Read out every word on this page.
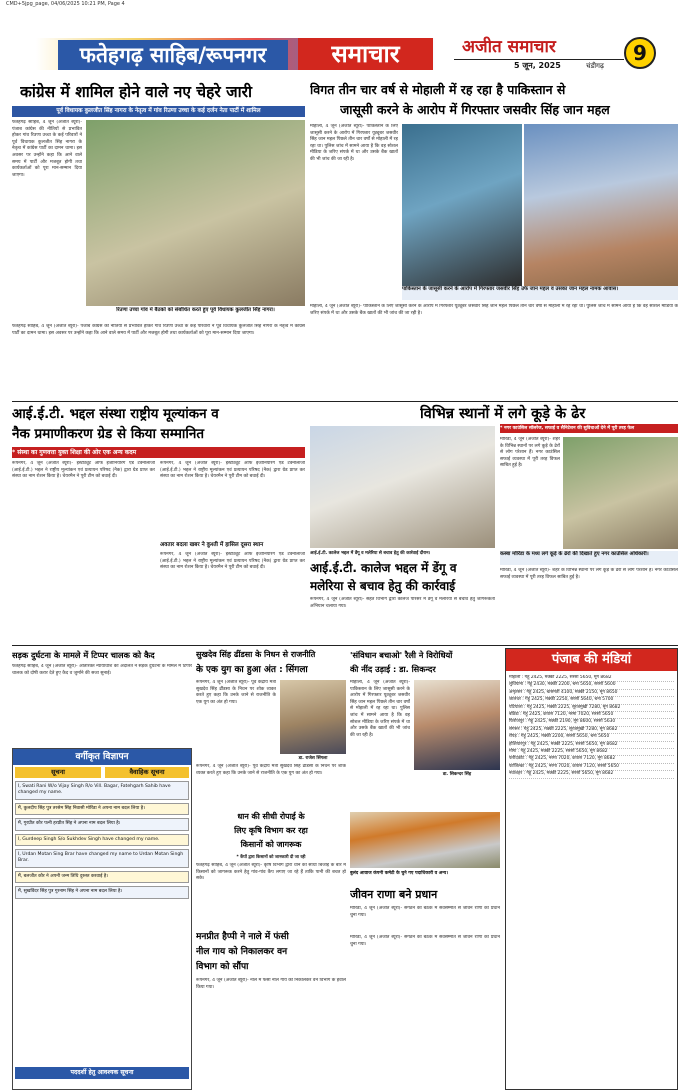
CMD+5jpg_page, 04/06/2025 10:21 PM, Page 4
फतेहगढ़ साहिब/रूपनगर	समाचार	अजीत समाचार
5 जून, 2025	चंडीगढ़
9
कांग्रेस में शामिल होने वाले नए चेहरे जारी
पूर्व विधायक कुलजीत सिंह नागरा के नेतृत्व में गांव रिउणा उच्चा के कई दर्जन नेता पार्टी में शामिल
फतेहगढ़ साहिब, 4 जून (अजीत ब्यूरो)- पंजाब कांग्रेस की नीतियों से प्रभावित होकर गांव रिउणा उच्चा के कई परिवारों ने पूर्व विधायक कुलजीत सिंह नागरा के नेतृत्व में कांग्रेस पार्टी का दामन थामा। इस अवसर पर उन्होंने कहा कि आने वाले समय में पार्टी और मजबूत होगी तथा कार्यकर्ताओं को पूरा मान-सम्मान दिया जाएगा।
रिउणा उच्चा गांव में बैठकों को संबोधित करते हुए पूर्व विधायक कुलजीत सिंह नागरा।
फतेहगढ़ साहिब, 4 जून (अजीत ब्यूरो)- पंजाब कांग्रेस की नीतियों से प्रभावित होकर गांव रिउणा उच्चा के कई परिवारों ने पूर्व विधायक कुलजीत सिंह नागरा के नेतृत्व में कांग्रेस पार्टी का दामन थामा। इस अवसर पर उन्होंने कहा कि आने वाले समय में पार्टी और मजबूत होगी तथा कार्यकर्ताओं को पूरा मान-सम्मान दिया जाएगा।
विगत तीन चार वर्ष से मोहाली में रह रहा है पाकिस्तान से
जासूसी करने के आरोप में गिरफ्तार जसवीर सिंह जान महल
मोहाली, 4 जून (अजीत ब्यूरो)- पाकिस्तान के लिए जासूसी करने के आरोप में गिरफ्तार यूट्यूबर जसवीर सिंह जान महल पिछले तीन चार वर्षों से मोहाली में रह रहा था। पुलिस जांच में सामने आया है कि वह सोशल मीडिया के जरिए संपर्क में था और उसके बैंक खातों की भी जांच की जा रही है।
पाकिस्तान के जासूसी करने के आरोप में गिरफ्तार जसवीर सिंह उर्फ जान महल व उसका जान महल नामक आवास।
मोहाली, 4 जून (अजीत ब्यूरो)- पाकिस्तान के लिए जासूसी करने के आरोप में गिरफ्तार यूट्यूबर जसवीर सिंह जान महल पिछले तीन चार वर्षों से मोहाली में रह रहा था। पुलिस जांच में सामने आया है कि वह सोशल मीडिया के जरिए संपर्क में था और उसके बैंक खातों की भी जांच की जा रही है।
आई.ई.टी. भद्दल संस्था राष्ट्रीय मूल्यांकन व
नैक प्रमाणीकरण ग्रेड से किया सम्मानित
* संस्था का गुणवत्ता युक्त शिक्षा की ओर एक अन्य कदम
रूपनगर, 4 जून (अजीत ब्यूरो)- इंस्टीट्यूट ऑफ इंजीनियरिंग एंड टेक्नोलॉजी (आई.ई.टी.) भद्दल ने राष्ट्रीय मूल्यांकन एवं प्रत्यायन परिषद (नैक) द्वारा ग्रेड प्राप्त कर संस्था का नाम रोशन किया है। चेयरमैन ने पूरी टीम को बधाई दी।
रूपनगर, 4 जून (अजीत ब्यूरो)- इंस्टीट्यूट ऑफ इंजीनियरिंग एंड टेक्नोलॉजी (आई.ई.टी.) भद्दल ने राष्ट्रीय मूल्यांकन एवं प्रत्यायन परिषद (नैक) द्वारा ग्रेड प्राप्त कर संस्था का नाम रोशन किया है। चेयरमैन ने पूरी टीम को बधाई दी।
अवतार बदला खबर ने कुश्ती में हासिल दूसरा स्थान
रूपनगर, 4 जून (अजीत ब्यूरो)- इंस्टीट्यूट ऑफ इंजीनियरिंग एंड टेक्नोलॉजी (आई.ई.टी.) भद्दल ने राष्ट्रीय मूल्यांकन एवं प्रत्यायन परिषद (नैक) द्वारा ग्रेड प्राप्त कर संस्था का नाम रोशन किया है। चेयरमैन ने पूरी टीम को बधाई दी।
आई.ई.टी. कालेज भद्दल में डेंगू व मलेरिया से बचाव हेतु की कार्रवाई दौरान।
आई.ई.टी. कालेज भद्दल में डेंगू व
मलेरिया से बचाव हेतु की कार्रवाई
रूपनगर, 4 जून (अजीत ब्यूरो)- सेहत विभाग द्वारा कालेज परिसर में डेंगू व मलेरिया से बचाव हेतु जागरूकता अभियान चलाया गया।
विभिन्न स्थानों में लगे कूड़े के ढेर
* नगर काउंसिल सॉलरेज, सफाई व सैनिटेशन की सुविधाओं देने में पूरी तरह फेल
मोरिंडा, 4 जून (अजीत ब्यूरो)- शहर के विभिन्न स्थानों पर लगे कूड़े के ढेरों से लोग परेशान हैं। नगर काउंसिल सफाई व्यवस्था में पूरी तरह विफल साबित हुई है।
कस्बा मोरिंडा के मध्य लगे कूड़े के ढेरों की दिखाते हुए नगर काउंसिल अधिकारी।
मोरिंडा, 4 जून (अजीत ब्यूरो)- शहर के विभिन्न स्थानों पर लगे कूड़े के ढेरों से लोग परेशान हैं। नगर काउंसिल सफाई व्यवस्था में पूरी तरह विफल साबित हुई है।
सड़क दुर्घटना के मामले में टिप्पर चालक को कैद
फतेहगढ़ साहिब, 4 जून (अजीत ब्यूरो)- अतिरिक्त न्यायाधीश की अदालत ने सड़क दुर्घटना के मामले में टिप्पर चालक को दोषी करार देते हुए कैद व जुर्माने की सजा सुनाई।
सुखदेव सिंह ढींडसा के निधन से राजनीति
के एक युग का हुआ अंत : सिंगला
रूपनगर, 4 जून (अजीत ब्यूरो)- पूर्व केंद्रीय मंत्री सुखदेव सिंह ढींडसा के निधन पर शोक व्यक्त करते हुए कहा कि उनके जाने से राजनीति के एक युग का अंत हो गया।
डा. राजेश सिंगला
रूपनगर, 4 जून (अजीत ब्यूरो)- पूर्व केंद्रीय मंत्री सुखदेव सिंह ढींडसा के निधन पर शोक व्यक्त करते हुए कहा कि उनके जाने से राजनीति के एक युग का अंत हो गया।
'संविधान बचाओ' रैली ने विरोधियों
की नींद उड़ाई : डा. सिकन्दर
मोहाली, 4 जून (अजीत ब्यूरो)- पाकिस्तान के लिए जासूसी करने के आरोप में गिरफ्तार यूट्यूबर जसवीर सिंह जान महल पिछले तीन चार वर्षों से मोहाली में रह रहा था। पुलिस जांच में सामने आया है कि वह सोशल मीडिया के जरिए संपर्क में था और उसके बैंक खातों की भी जांच की जा रही है।
डा. सिकन्दर सिंह
पंजाब की मंडियां
मोहाली : गेहूं 2425, मक्की 2225, सरसों 5650, मूंग 8682
लुधियाना : गेहूं 2430, मक्की 2200, चना 5650, सरसों 5600
अमृतसर : गेहूं 2425, बासमती 4100, मक्की 2150, मूंग 8650
जालंधर : गेहूं 2425, मक्की 2250, सरसों 5640, चना 5700
पटियाला : गेहूं 2425, मक्की 2225, सूरजमुखी 7280, मूंग 8682
बठिंडा : गेहूं 2425, कपास 7120, नरमा 7020, सरसों 5650
फिरोजपुर : गेहूं 2425, मक्की 2190, मूंग 8600, सरसों 5630
संगरूर : गेहूं 2425, मक्की 2225, सूरजमुखी 7280, मूंग 8682
रोपड़ : गेहूं 2425, मक्की 2200, सरसों 5650, चना 5650
होशियारपुर : गेहूं 2425, मक्की 2225, सरसों 5650, मूंग 8682
मोगा : गेहूं 2425, मक्की 2225, सरसों 5650, मूंग 8682
फरीदकोट : गेहूं 2425, नरमा 7020, कपास 7120, मूंग 8682
फाजिल्का : गेहूं 2425, नरमा 7020, कपास 7120, सरसों 5650
नवांशहर : गेहूं 2425, मक्की 2225, सरसों 5650, मूंग 8682
वर्गीकृत विज्ञापन
सूचना	वैवाहिक सूचना
I, Swati Rani W/o Vijay Singh R/o Vill. Bagar, Fatehgarh Sahib have changed my name.
मैं, कुलदीप सिंह पुत्र तरसेम सिंह निवासी मोरिंडा ने अपना नाम बदल लिया है।
मैं, गुरप्रीत कौर पत्नी हरप्रीत सिंह ने अपना नाम बदल लिया है।
I, Gurdeep Singh S/o Sukhdev Singh have changed my name.
I, Urdan Motan Sing Brar have changed my name to Urdan Motan Singh Brar.
मैं, बलजीत कौर ने अपनी जन्म तिथि दुरुस्त करवाई है।
मैं, सुखविंदर सिंह पुत्र गुरनाम सिंह ने अपना नाम बदल लिया है।
पददर्शी हेतु आवश्यक सूचना
बुलंद आवाज कंपनी कमेटी के चुने गए पदाधिकारी व अन्य।
जीवन राणा बने प्रधान
मोरिंडा, 4 जून (अजीत ब्यूरो)- संगठन की बैठक में सर्वसम्मति से जीवन राणा को प्रधान चुना गया।
धान की सीधी रोपाई के
लिए कृषि विभाग कर रहा
किसानों को जागरूक
* कैंपों द्वारा किसानों को जानकारी दी जा रही
फतेहगढ़ साहिब, 4 जून (अजीत ब्यूरो)- कृषि विभाग द्वारा धान की सीधी बिजाई के बारे में किसानों को जागरूक करने हेतु गांव-गांव कैंप लगाए जा रहे हैं ताकि पानी की बचत हो सके।
मनप्रीत हैप्पी ने नाले में फंसी
नील गाय को निकालकर वन
विभाग को सौंपा
रूपनगर, 4 जून (अजीत ब्यूरो)- नाले में फंसी नील गाय को निकालकर वन विभाग के हवाले किया गया।
मोरिंडा, 4 जून (अजीत ब्यूरो)- संगठन की बैठक में सर्वसम्मति से जीवन राणा को प्रधान चुना गया।
